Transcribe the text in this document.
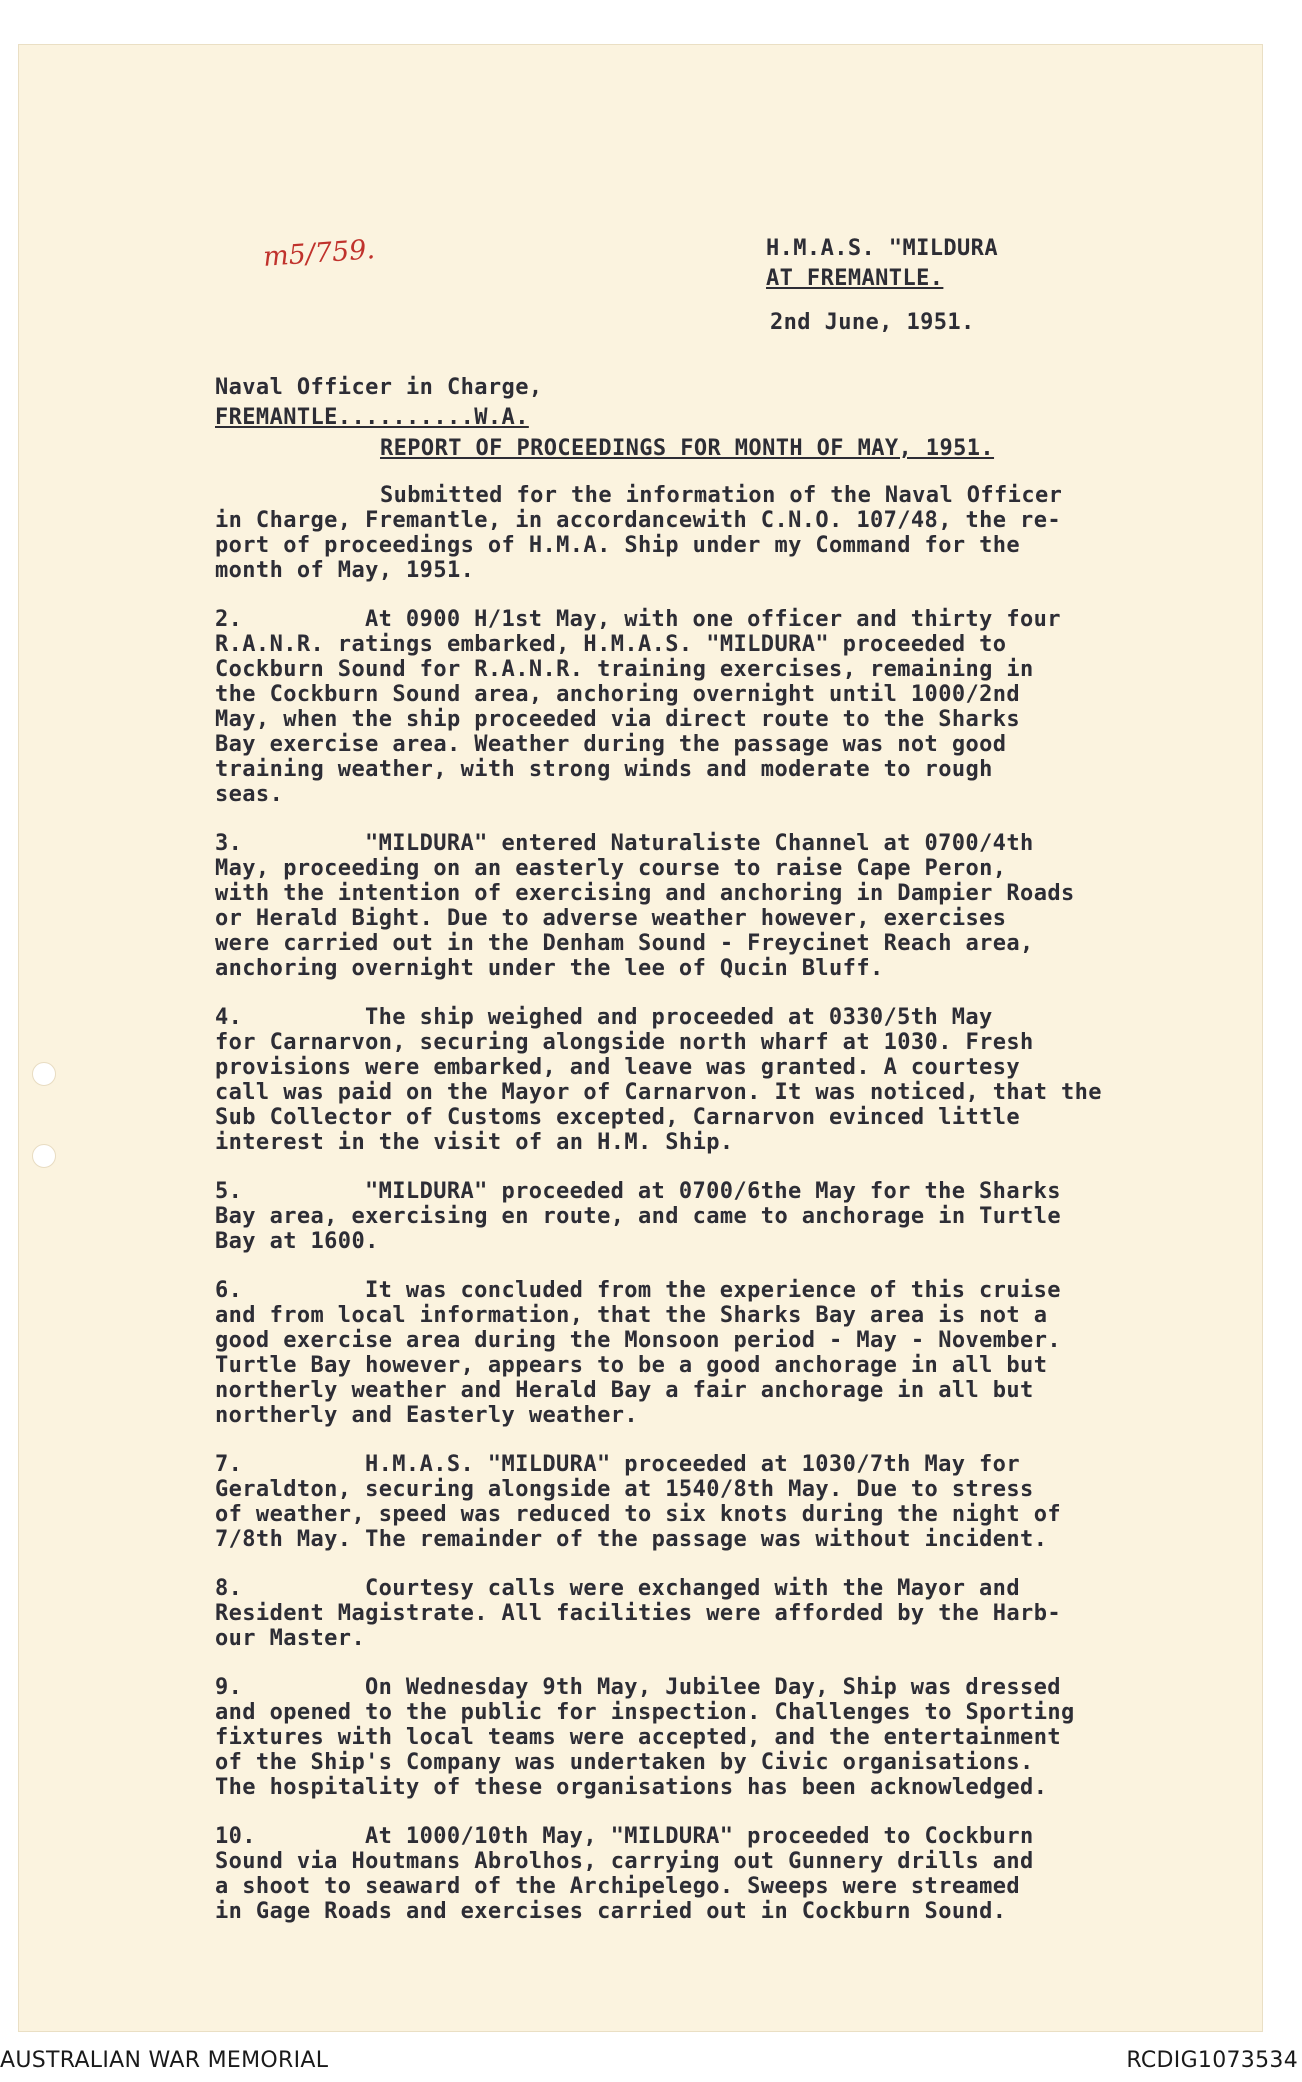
m5/759.	H.M.A.S. "MILDURA
AT FREMANTLE.
2nd June, 1951.
Naval Officer in Charge,
FREMANTLE..........W.A.
REPORT OF PROCEEDINGS FOR MONTH OF MAY, 1951.
Submitted for the information of the Naval Officer
in Charge, Fremantle, in accordancewith C.N.O. 107/48, the re-
port of proceedings of H.M.A. Ship under my Command for the
month of May, 1951.
2.	At 0900 H/1st May, with one officer and thirty four
R.A.N.R. ratings embarked, H.M.A.S. "MILDURA" proceeded to
Cockburn Sound for R.A.N.R. training exercises, remaining in
the Cockburn Sound area, anchoring overnight until 1000/2nd
May, when the ship proceeded via direct route to the Sharks
Bay exercise area. Weather during the passage was not good
training weather, with strong winds and moderate to rough
seas.
3.	"MILDURA" entered Naturaliste Channel at 0700/4th
May, proceeding on an easterly course to raise Cape Peron,
with the intention of exercising and anchoring in Dampier Roads
or Herald Bight. Due to adverse weather however, exercises
were carried out in the Denham Sound - Freycinet Reach area,
anchoring overnight under the lee of Qucin Bluff.
4.	The ship weighed and proceeded at 0330/5th May
for Carnarvon, securing alongside north wharf at 1030. Fresh
provisions were embarked, and leave was granted. A courtesy
call was paid on the Mayor of Carnarvon. It was noticed, that the
Sub Collector of Customs excepted, Carnarvon evinced little
interest in the visit of an H.M. Ship.
5.	"MILDURA" proceeded at 0700/6the May for the Sharks
Bay area, exercising en route, and came to anchorage in Turtle
Bay at 1600.
6.	It was concluded from the experience of this cruise
and from local information, that the Sharks Bay area is not a
good exercise area during the Monsoon period - May - November.
Turtle Bay however, appears to be a good anchorage in all but
northerly weather and Herald Bay a fair anchorage in all but
northerly and Easterly weather.
7.	H.M.A.S. "MILDURA" proceeded at 1030/7th May for
Geraldton, securing alongside at 1540/8th May. Due to stress
of weather, speed was reduced to six knots during the night of
7/8th May. The remainder of the passage was without incident.
8.	Courtesy calls were exchanged with the Mayor and
Resident Magistrate. All facilities were afforded by the Harb-
our Master.
9.	On Wednesday 9th May, Jubilee Day, Ship was dressed
and opened to the public for inspection. Challenges to Sporting
fixtures with local teams were accepted, and the entertainment
of the Ship's Company was undertaken by Civic organisations.
The hospitality of these organisations has been acknowledged.
10.	At 1000/10th May, "MILDURA" proceeded to Cockburn
Sound via Houtmans Abrolhos, carrying out Gunnery drills and
a shoot to seaward of the Archipelego. Sweeps were streamed
in Gage Roads and exercises carried out in Cockburn Sound.
AUSTRALIAN WAR MEMORIAL	RCDIG1073534
